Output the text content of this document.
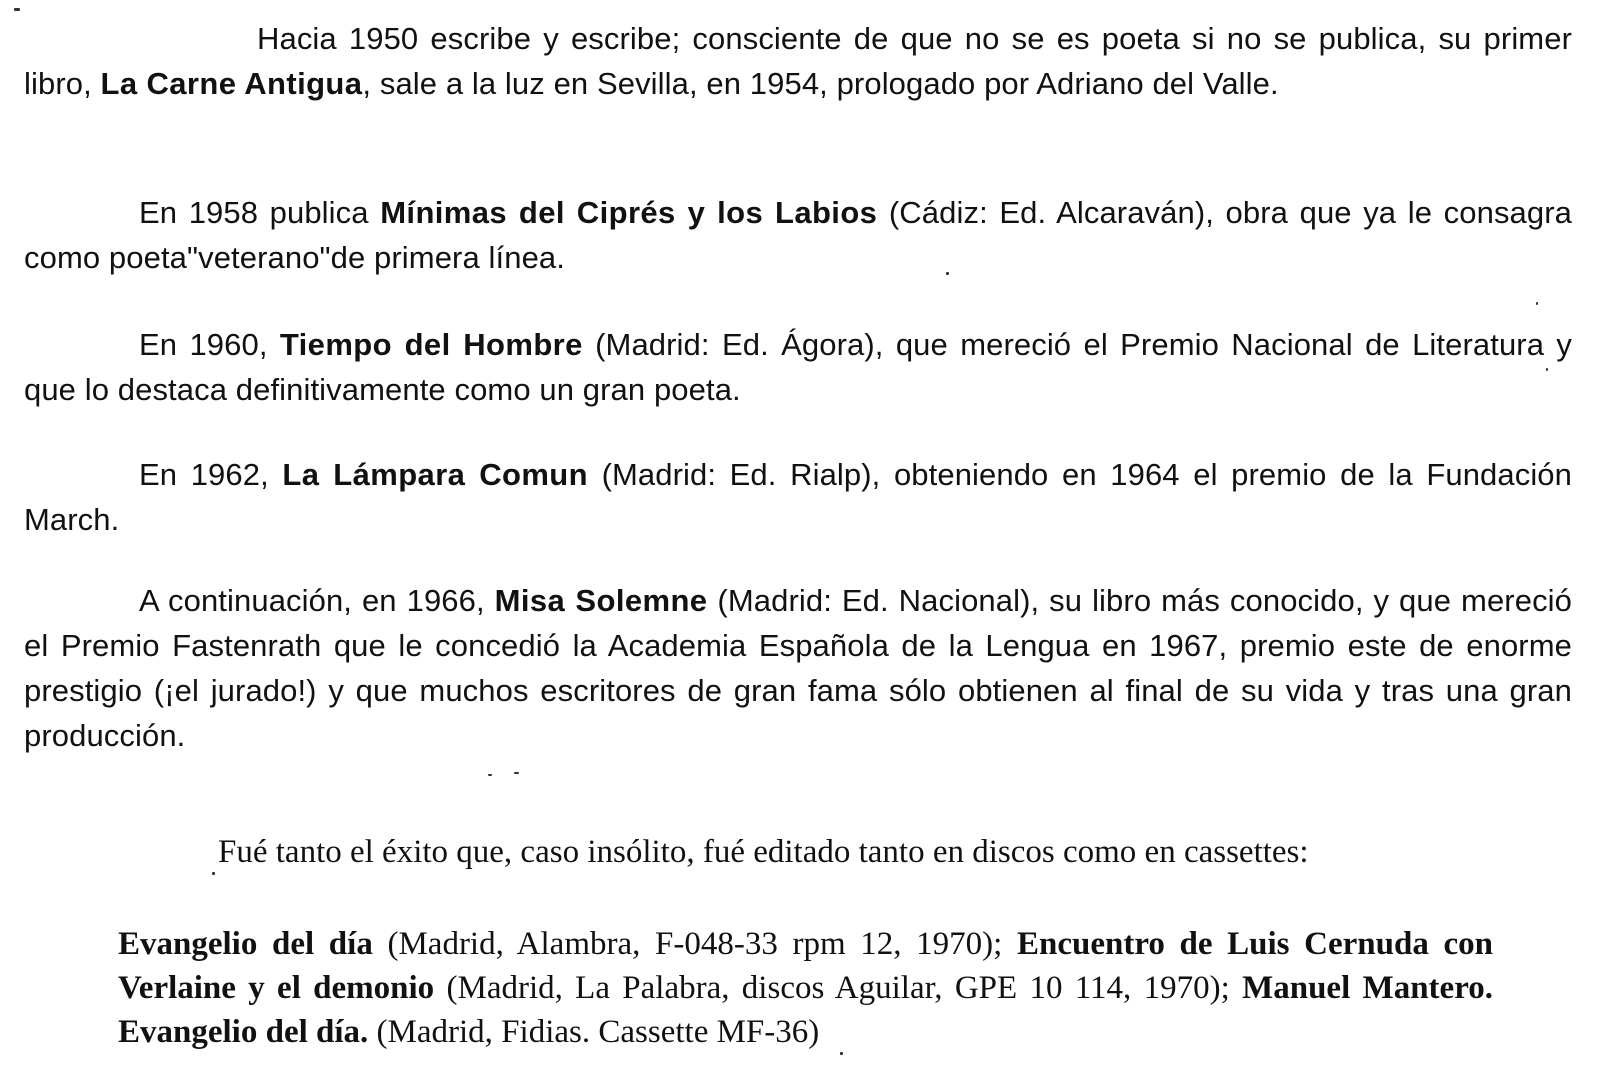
Hacia 1950 escribe y escribe; consciente de que no se es poeta si no se publica, su primer libro, La Carne Antigua, sale a la luz en Sevilla, en 1954, prologado por Adriano del Valle.

En 1958 publica Mínimas del Ciprés y los Labios (Cádiz: Ed. Alcaraván), obra que ya le consagra como poeta"veterano"de primera línea.

En 1960, Tiempo del Hombre (Madrid: Ed. Ágora), que mereció el Premio Nacional de Literatura y que lo destaca definitivamente como un gran poeta.

En 1962, La Lámpara Comun (Madrid: Ed. Rialp), obteniendo en 1964 el premio de la Fundación March.

A continuación, en 1966, Misa Solemne (Madrid: Ed. Nacional), su libro más conocido, y que mereció el Premio Fastenrath que le concedió la Academia Española de la Lengua en 1967, premio este de enorme prestigio (¡el jurado!) y que muchos escritores de gran fama sólo obtienen al final de su vida y tras una gran producción.

Fué tanto el éxito que, caso insólito, fué editado tanto en discos como en cassettes:

Evangelio del día (Madrid, Alambra, F-048-33 rpm 12, 1970); Encuentro de Luis Cernuda con Verlaine y el demonio (Madrid, La Palabra, discos Aguilar, GPE 10 114, 1970); Manuel Mantero. Evangelio del día. (Madrid, Fidias. Cassette MF-36)
